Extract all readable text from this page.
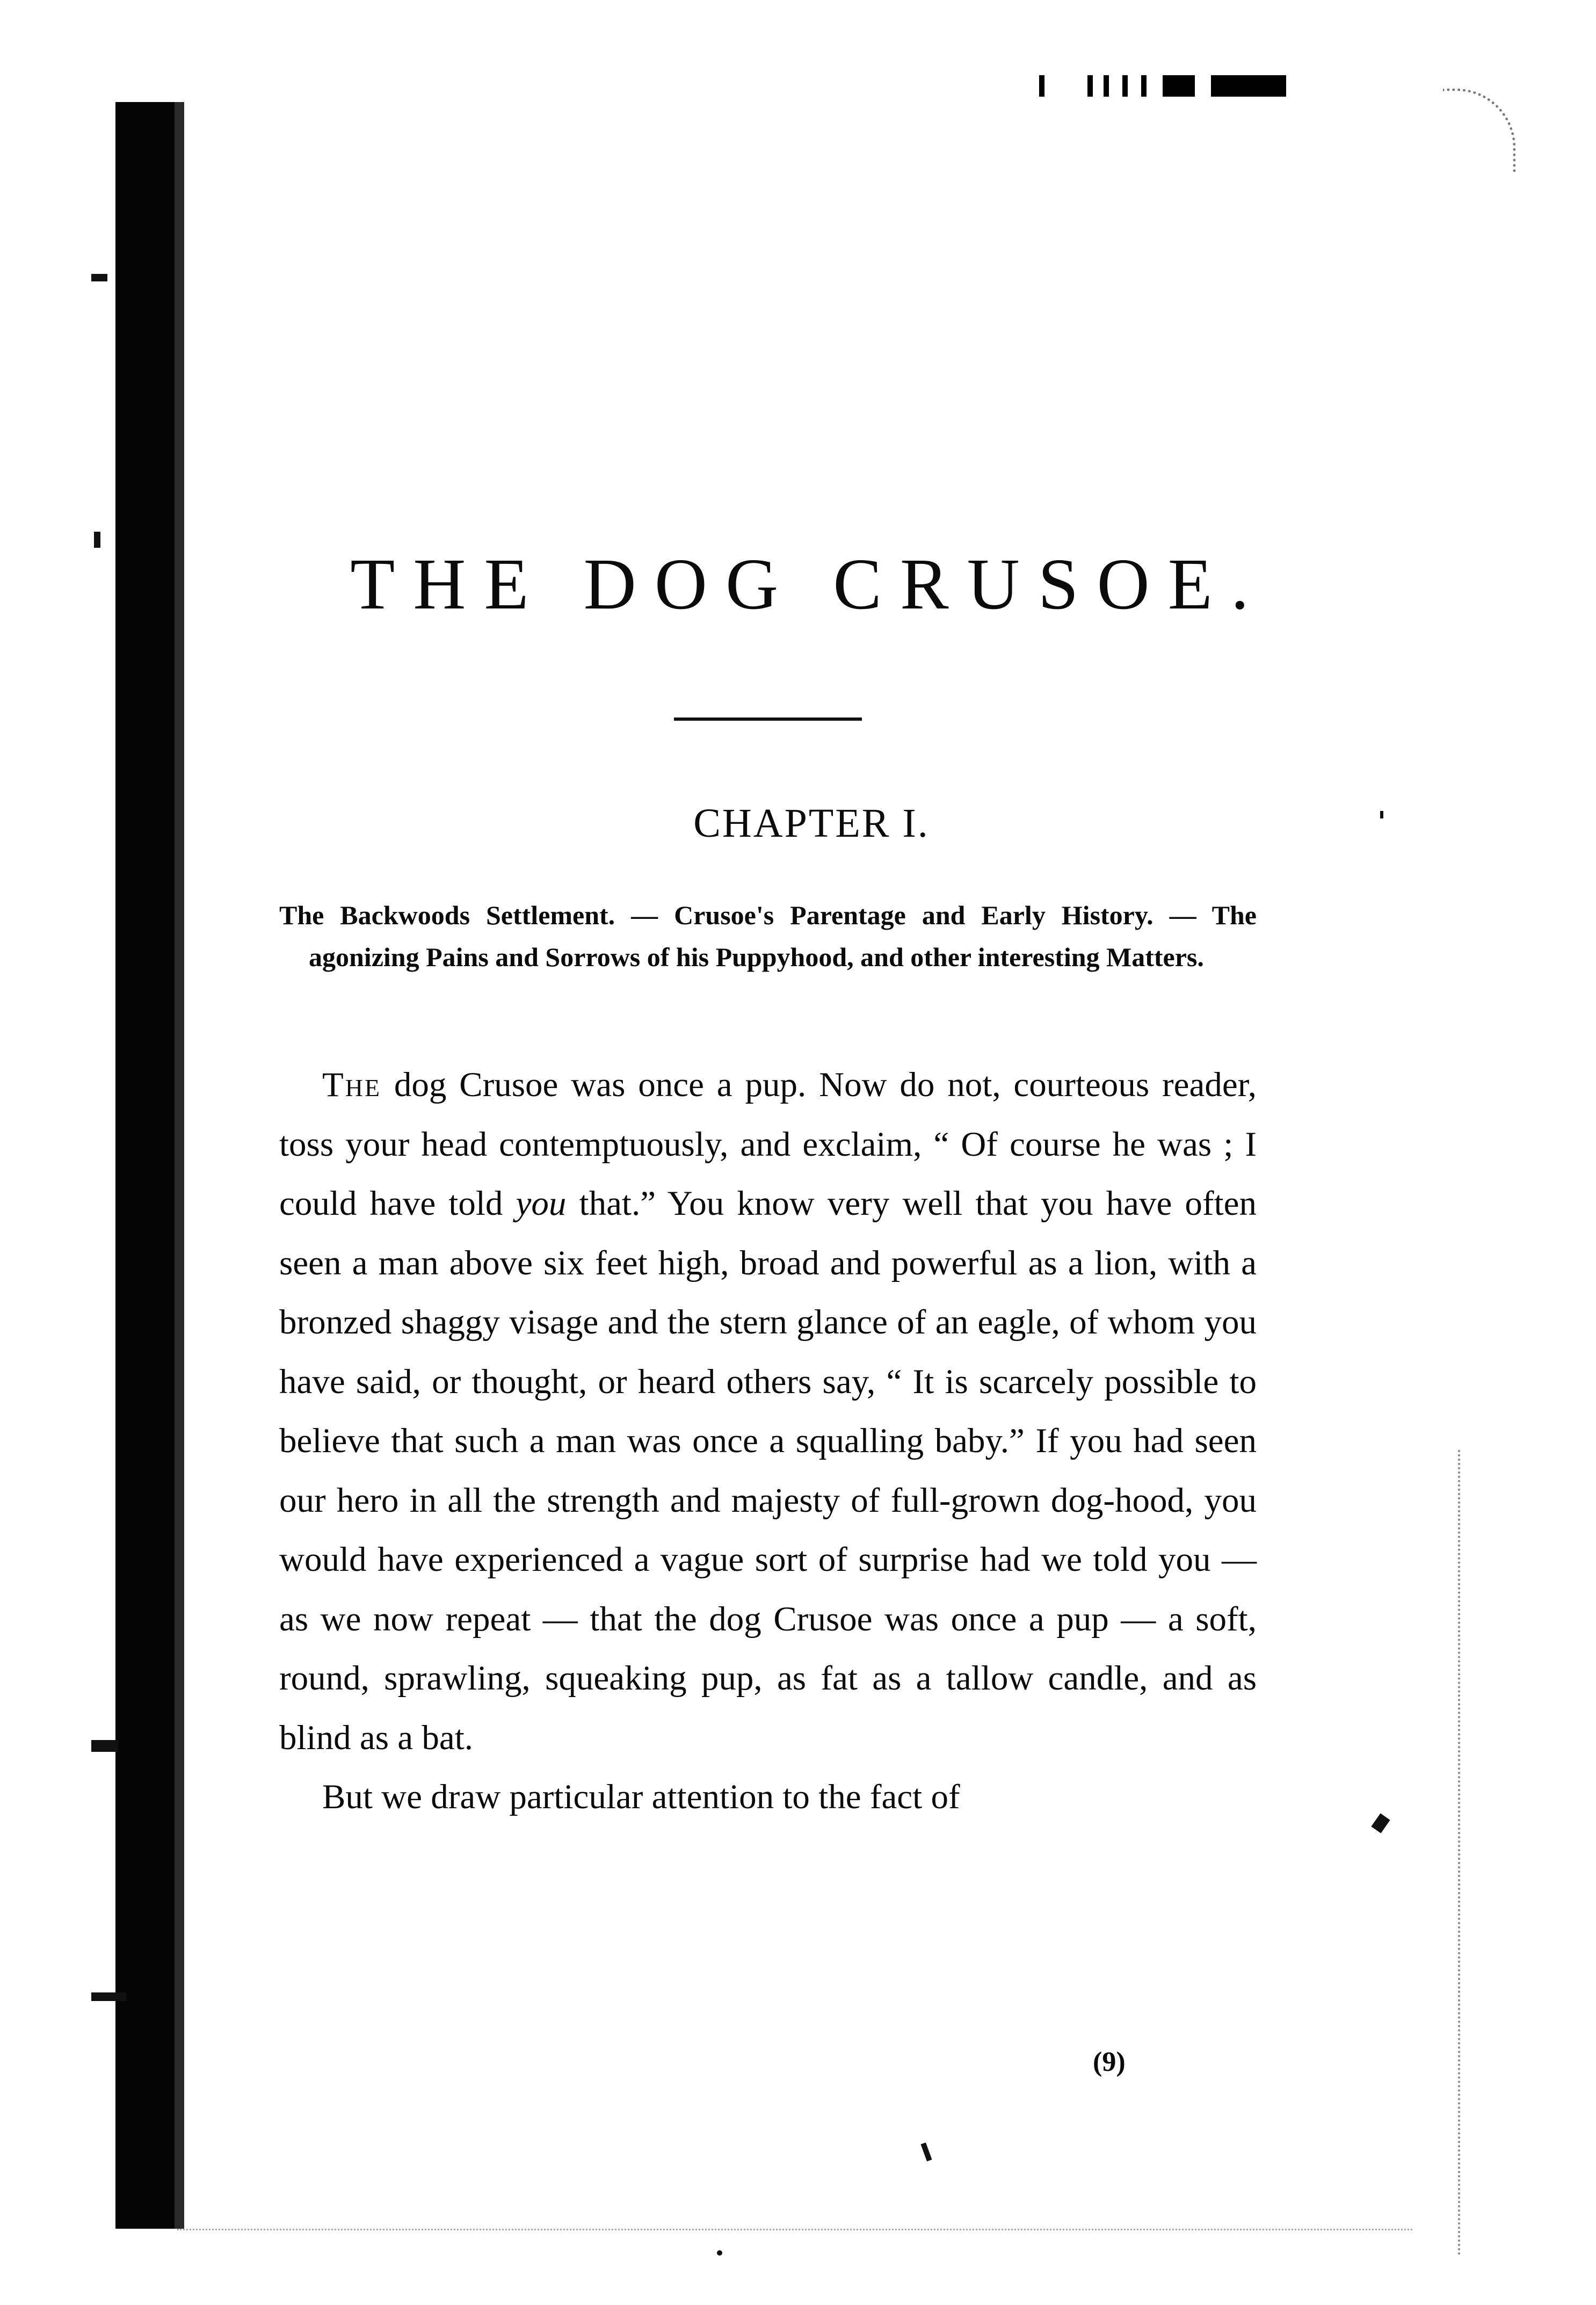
THE DOG CRUSOE.
CHAPTER I.

The Backwoods Settlement. — Crusoe's Parentage and Early History. — The agonizing Pains and Sorrows of his Puppyhood, and other interesting Matters.

The dog Crusoe was once a pup. Now do not, courteous reader, toss your head contemptuously, and exclaim, “ Of course he was ; I could have told you that.” You know very well that you have often seen a man above six feet high, broad and powerful as a lion, with a bronzed shaggy visage and the stern glance of an eagle, of whom you have said, or thought, or heard others say, “ It is scarcely possible to believe that such a man was once a squalling baby.” If you had seen our hero in all the strength and majesty of full-grown dog-hood, you would have experienced a vague sort of surprise had we told you — as we now repeat — that the dog Crusoe was once a pup — a soft, round, sprawling, squeaking pup, as fat as a tallow candle, and as blind as a bat.

But we draw particular attention to the fact of

(9)
